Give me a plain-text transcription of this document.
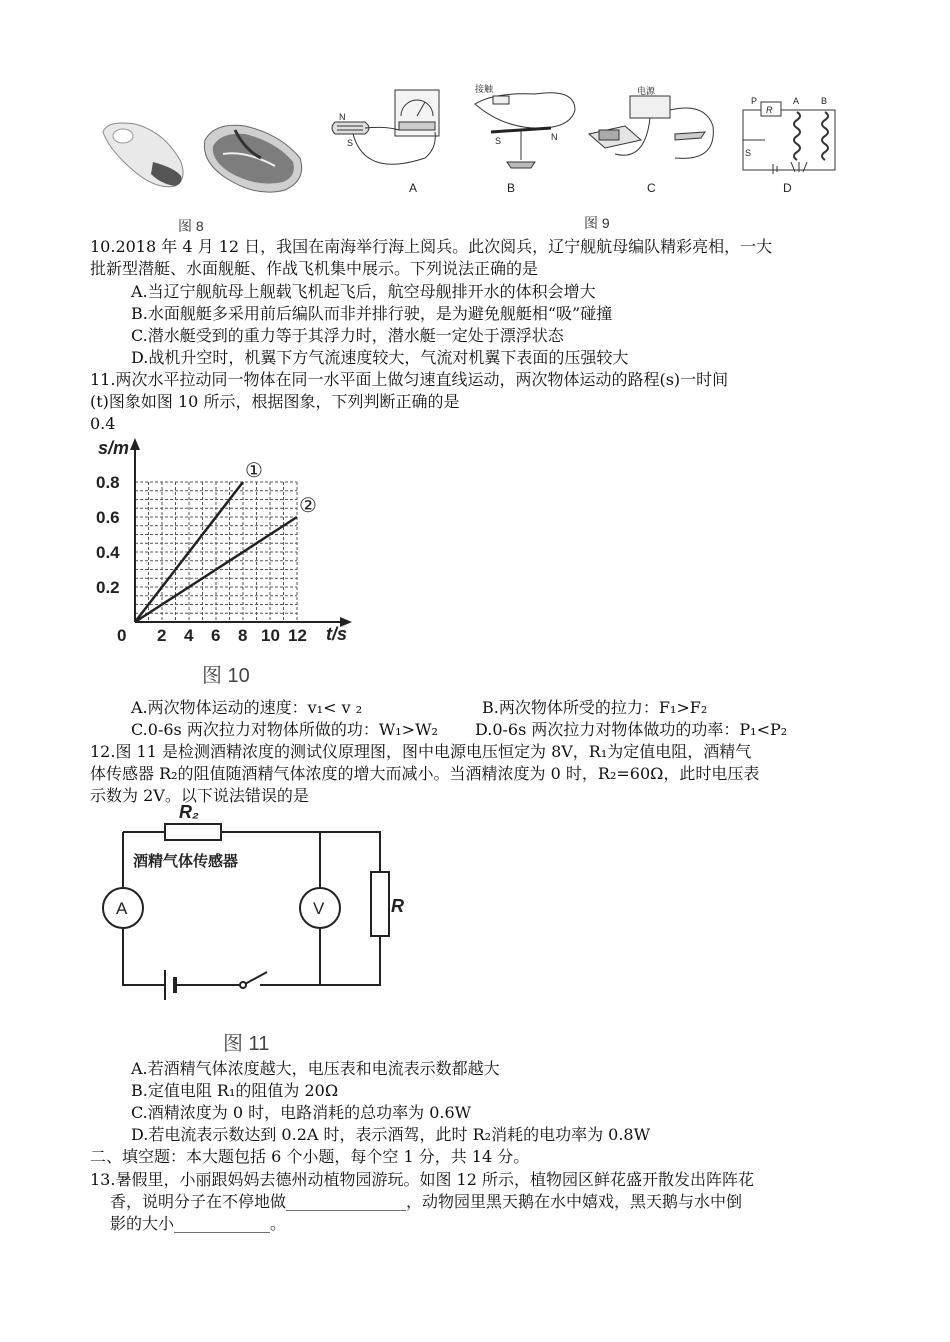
N
S
接触
S	N
电源
P
R
A B
S
A	B	C	D
图 8	图 9
10.2018 年 4 月 12 日，我国在南海举行海上阅兵。此次阅兵，辽宁舰航母编队精彩亮相，一大
批新型潜艇、水面舰艇、作战飞机集中展示。下列说法正确的是
A.当辽宁舰航母上舰载飞机起飞后，航空母舰排开水的体积会增大
B.水面舰艇多采用前后编队而非并排行驶，是为避免舰艇相“吸”碰撞
C.潜水艇受到的重力等于其浮力时，潜水艇一定处于漂浮状态
D.战机升空时，机翼下方气流速度较大，气流对机翼下表面的压强较大
11.两次水平拉动同一物体在同一水平面上做匀速直线运动，两次物体运动的路程(s)一时间
(t)图象如图 10 所示，根据图象，下列判断正确的是
0.4
0 2 4 6 8 10 12
0.2
0.4
0.6
0.8
①
②
s/m
t/s
图 10
A.两次物体运动的速度：v₁< v ₂	B.两次物体所受的拉力：F₁>F₂
C.0-6s 两次拉力对物体所做的功：W₁>W₂ D.0-6s 两次拉力对物体做功的功率：P₁<P₂
12.图 11 是检测酒精浓度的测试仪原理图，图中电源电压恒定为 8V，R₁为定值电阻，酒精气
体传感器 R₂的阻值随酒精气体浓度的增大而减小。当酒精浓度为 0 时，R₂=60Ω，此时电压表
示数为 2V。以下说法错误的是
R₂
酒精气体传感器
A	V	R
图 11
A.若酒精气体浓度越大，电压表和电流表示数都越大
B.定值电阻 R₁的阻值为 20Ω
C.酒精浓度为 0 时，电路消耗的总功率为 0.6W
D.若电流表示数达到 0.2A 时，表示酒驾，此时 R₂消耗的电功率为 0.8W
二、填空题：本大题包括 6 个小题，每个空 1 分，共 14 分。
13.暑假里，小丽跟妈妈去德州动植物园游玩。如图 12 所示，植物园区鲜花盛开散发出阵阵花
香，说明分子在不停地做_______________，动物园里黑天鹅在水中嬉戏，黑天鹅与水中倒
影的大小____________。
